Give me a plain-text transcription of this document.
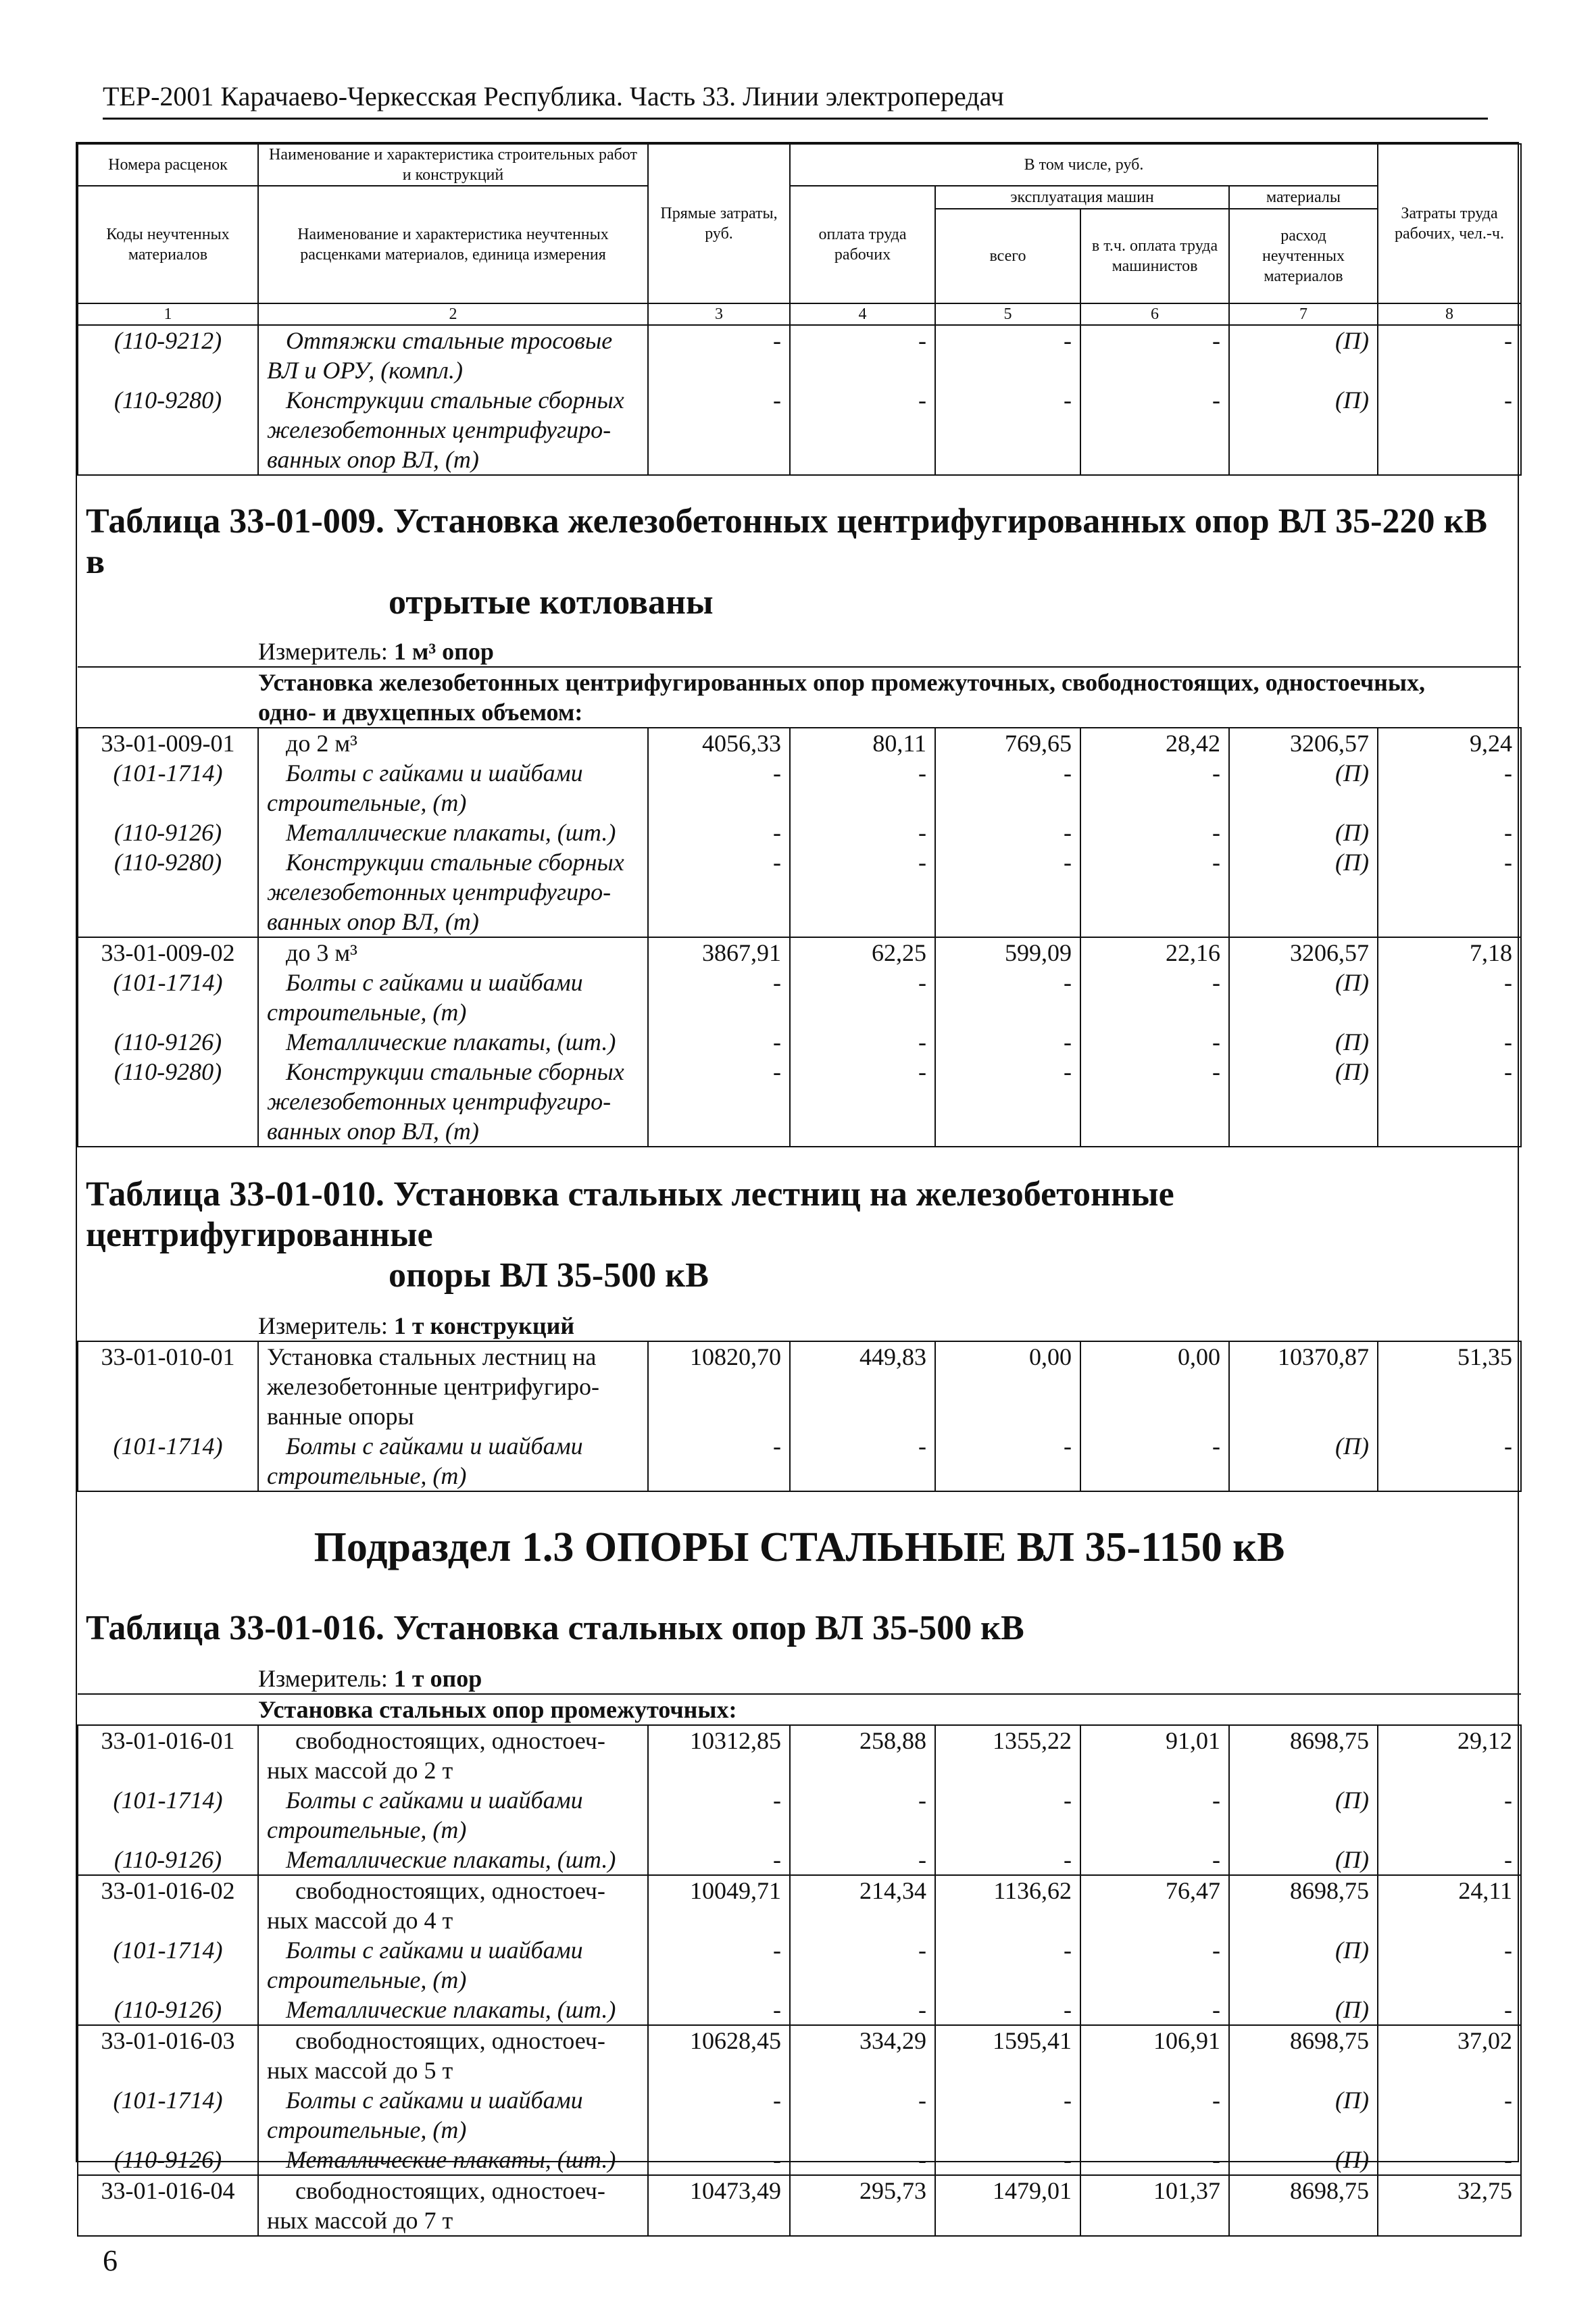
ТЕР-2001 Карачаево-Черкесская Республика. Часть 33. Линии электропередач
Номера расценок	Наименование и характеристика строительных работ и конструкций	Прямые затраты, руб.	В том числе, руб.				Затраты труда рабочих, чел.-ч.
Коды неучтенных материалов	Наименование и характеристика неучтенных расценками материалов, единица измерения		оплата труда рабочих	эксплуатация машин		материалы	
				всего	в т.ч. оплата труда машинистов	расход неучтенных материалов	
1	2	3	4	5	6	7	8
(110-9212)	Оттяжки стальные тросовые
ВЛ и ОРУ, (компл.)	-	-	-	-	(П)	-
(110-9280)	Конструкции стальные сборных
железобетонных центрифугиро-
ванных опор ВЛ, (т)	-	-	-	-	(П)	-
Таблица 33-01-009. Установка железобетонных центрифугированных опор ВЛ 35-220 кВ в							
отрытые котлованы							
Измеритель: 1 м³ опор							
Установка железобетонных центрифугированных опор промежуточных, свободностоящих, одностоечных,
одно- и двухцепных объемом:							
33-01-009-01	до 2 м³	4056,33	80,11	769,65	28,42	3206,57	9,24
(101-1714)	Болты с гайками и шайбами
строительные, (т)	-	-	-	-	(П)	-
(110-9126)	Металлические плакаты, (шт.)	-	-	-	-	(П)	-
(110-9280)	Конструкции стальные сборных
железобетонных центрифугиро-
ванных опор ВЛ, (т)	-	-	-	-	(П)	-
33-01-009-02	до 3 м³	3867,91	62,25	599,09	22,16	3206,57	7,18
(101-1714)	Болты с гайками и шайбами
строительные, (т)	-	-	-	-	(П)	-
(110-9126)	Металлические плакаты, (шт.)	-	-	-	-	(П)	-
(110-9280)	Конструкции стальные сборных
железобетонных центрифугиро-
ванных опор ВЛ, (т)	-	-	-	-	(П)	-
Таблица 33-01-010. Установка стальных лестниц на железобетонные центрифугированные							
опоры ВЛ 35-500 кВ							
Измеритель: 1 т конструкций							
33-01-010-01	Установка стальных лестниц на
железобетонные центрифугиро-
ванные опоры	10820,70	449,83	0,00	0,00	10370,87	51,35
(101-1714)	Болты с гайками и шайбами
строительные, (т)	-	-	-	-	(П)	-
Подраздел 1.3 ОПОРЫ СТАЛЬНЫЕ ВЛ 35-1150 кВ							
Таблица 33-01-016. Установка стальных опор ВЛ 35-500 кВ							
Измеритель: 1 т опор							
Установка стальных опор промежуточных:							
33-01-016-01	свободностоящих, одностоеч-
ных массой до 2 т	10312,85	258,88	1355,22	91,01	8698,75	29,12
(101-1714)	Болты с гайками и шайбами
строительные, (т)	-	-	-	-	(П)	-
(110-9126)	Металлические плакаты, (шт.)	-	-	-	-	(П)	-
33-01-016-02	свободностоящих, одностоеч-
ных массой до 4 т	10049,71	214,34	1136,62	76,47	8698,75	24,11
(101-1714)	Болты с гайками и шайбами
строительные, (т)	-	-	-	-	(П)	-
(110-9126)	Металлические плакаты, (шт.)	-	-	-	-	(П)	-
33-01-016-03	свободностоящих, одностоеч-
ных массой до 5 т	10628,45	334,29	1595,41	106,91	8698,75	37,02
(101-1714)	Болты с гайками и шайбами
строительные, (т)	-	-	-	-	(П)	-
(110-9126)	Металлические плакаты, (шт.)	-	-	-	-	(П)	-
33-01-016-04	свободностоящих, одностоеч-
ных массой до 7 т	10473,49	295,73	1479,01	101,37	8698,75	32,75
6
